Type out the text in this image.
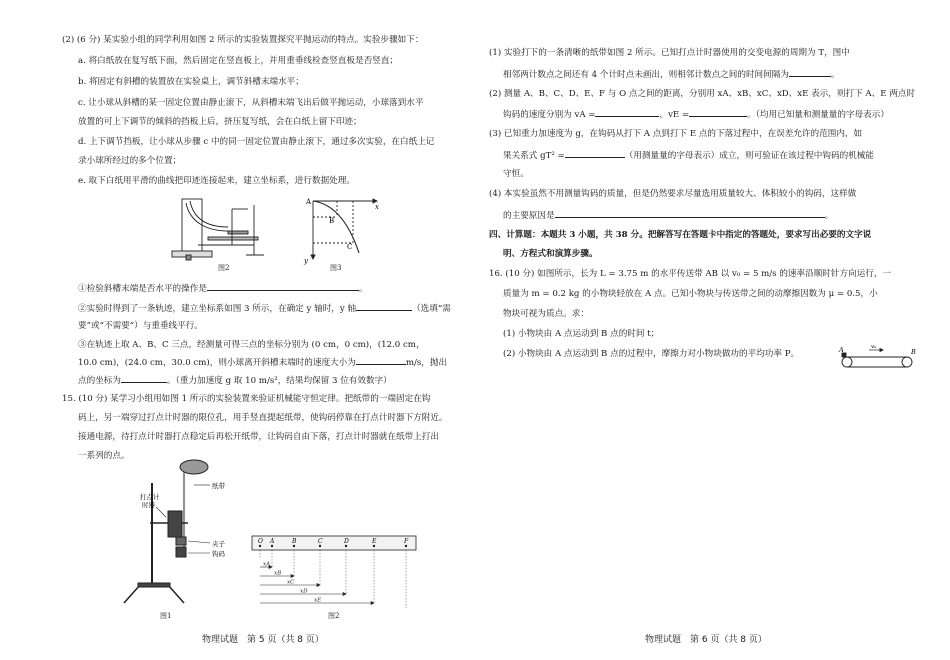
(2) (6 分) 某实验小组的同学利用如图 2 所示的实验装置探究平抛运动的特点。实验步骤如下：
a. 将白纸放在复写纸下面，然后固定在竖直板上，并用重垂线检查竖直板是否竖直；
b. 将固定有斜槽的装置放在实验桌上，调节斜槽末端水平；
c. 让小球从斜槽的某一固定位置由静止滚下，从斜槽末端飞出后做平抛运动，小球落到水平
放置的可上下调节的倾斜的挡板上后，挤压复写纸，会在白纸上留下印迹；
d. 上下调节挡板，让小球从步骤 c 中的同一固定位置由静止滚下，通过多次实验，在白纸上记
录小球所经过的多个位置；
e. 取下白纸用平滑的曲线把印迹连接起来，建立坐标系，进行数据处理。
图2
A
B
C
x
y
图3
①检验斜槽末端是否水平的操作是	。
②实验时得到了一条轨迹，建立坐标系如图 3 所示，在确定 y 轴时，y 轴	（选填“需
要”或“不需要”）与重垂线平行。
③在轨迹上取 A、B、C 三点，经测量可得三点的坐标分别为 (0 cm，0 cm)，(12.0 cm，
10.0 cm)，(24.0 cm，30.0 cm)，则小球离开斜槽末端时的速度大小为	m/s，抛出
点的坐标为	。（重力加速度 g 取 10 m/s²，结果均保留 3 位有效数字）
15. (10 分) 某学习小组用如图 1 所示的实验装置来验证机械能守恒定律。把纸带的一端固定在钩
码上，另一端穿过打点计时器的限位孔，用手竖直提起纸带，使钩码停靠在打点计时器下方附近。
接通电源，待打点计时器打点稳定后再松开纸带，让钩码自由下落，打点计时器就在纸带上打出
一系列的点。
纸带
打点计
时器
夹子
钩码
图1
O A	B	C	D	E	F
xA
xB
xC
xD
xE
图2
物理试题　第 5 页（共 8 页）
(1) 实验打下的一条清晰的纸带如图 2 所示。已知打点计时器使用的交变电源的周期为 T，图中
相邻两计数点之间还有 4 个计时点未画出，则相邻计数点之间的时间间隔为	。
(2) 测量 A、B、C、D、E、F 与 O 点之间的距离，分别用 xA、xB、xC、xD、xE 表示，则打下 A、E 两点时
钩码的速度分别为 vA =	，vE =	。（均用已知量和测量量的字母表示）
(3) 已知重力加速度为 g，在钩码从打下 A 点到打下 E 点的下落过程中，在误差允许的范围内，如
果关系式 gT² =	（用测量量的字母表示）成立，则可验证在该过程中钩码的机械能
守恒。
(4) 本实验虽然不用测量钩码的质量，但是仍然要求尽量选用质量较大、体积较小的钩码，这样做
的主要原因是	。
四、计算题：本题共 3 小题，共 38 分。把解答写在答题卡中指定的答题处，要求写出必要的文字说
明、方程式和演算步骤。
16. (10 分) 如图所示，长为 L = 3.75 m 的水平传送带 AB 以 v₀ = 5 m/s 的速率沿顺时针方向运行，一
质量为 m = 0.2 kg 的小物块轻放在 A 点。已知小物块与传送带之间的动摩擦因数为 μ = 0.5，小
物块可视为质点。求：
(1) 小物块由 A 点运动到 B 点的时间 t；
(2) 小物块由 A 点运动到 B 点的过程中，摩擦力对小物块做功的平均功率 P。	A	B
v₀
物理试题　第 6 页（共 8 页）
